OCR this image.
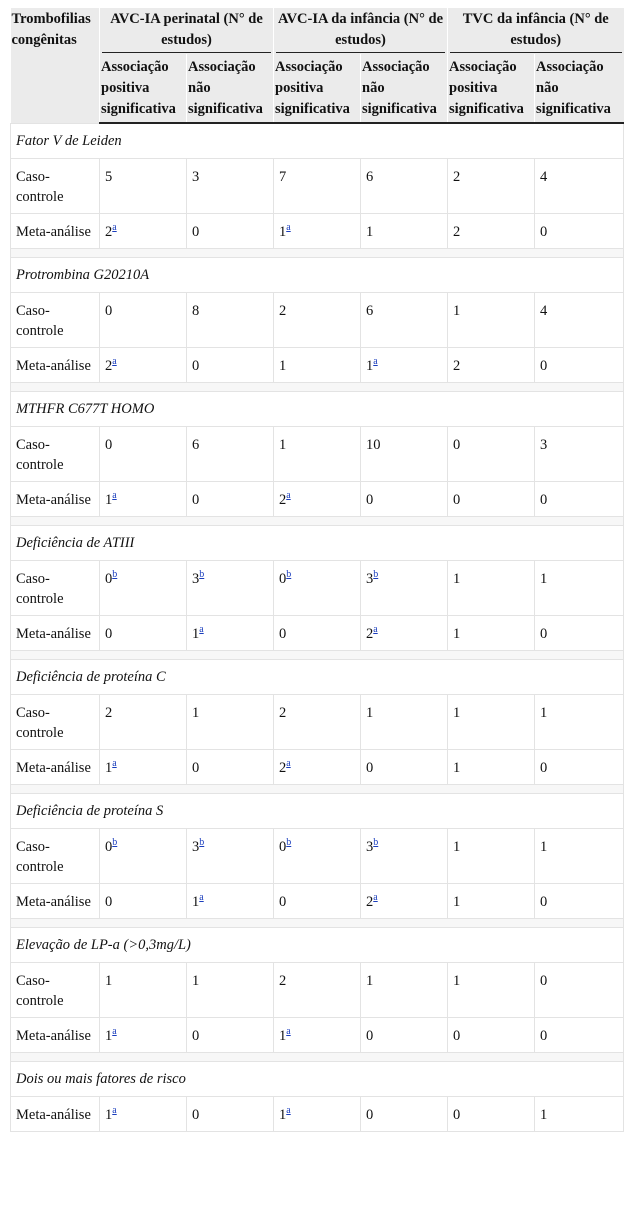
Trombofilias congênitas	AVC-IA perinatal (N° de estudos)		AVC-IA da infância (N° de estudos)		TVC da infância (N° de estudos)	

	Associação positiva significativa	Associação não significativa	Associação positiva significativa	Associação não significativa	Associação positiva significativa	Associação não significativa
Fator V de Leiden						
Caso-controle	5	3	7	6	2	4
Meta-análise	2$^a$	0	1$^a$	1	2	0

Protrombina G20210A						
Caso-controle	0	8	2	6	1	4
Meta-análise	2$^a$	0	1	1$^a$	2	0

MTHFR C677T HOMO						
Caso-controle	0	6	1	10	0	3
Meta-análise	1$^a$	0	2$^a$	0	0	0

Deficiência de ATIII						
Caso-controle	0$^b$	3$^b$	0$^b$	3$^b$	1	1
Meta-análise	0	1$^a$	0	2$^a$	1	0

Deficiência de proteína C						
Caso-controle	2	1	2	1	1	1
Meta-análise	1$^a$	0	2$^a$	0	1	0

Deficiência de proteína S						
Caso-controle	0$^b$	3$^b$	0$^b$	3$^b$	1	1
Meta-análise	0	1$^a$	0	2$^a$	1	0

Elevação de LP-a (>0,3mg/L)						
Caso-controle	1	1	2	1	1	0
Meta-análise	1$^a$	0	1$^a$	0	0	0

Dois ou mais fatores de risco						
Meta-análise	1$^a$	0	1$^a$	0	0	1
